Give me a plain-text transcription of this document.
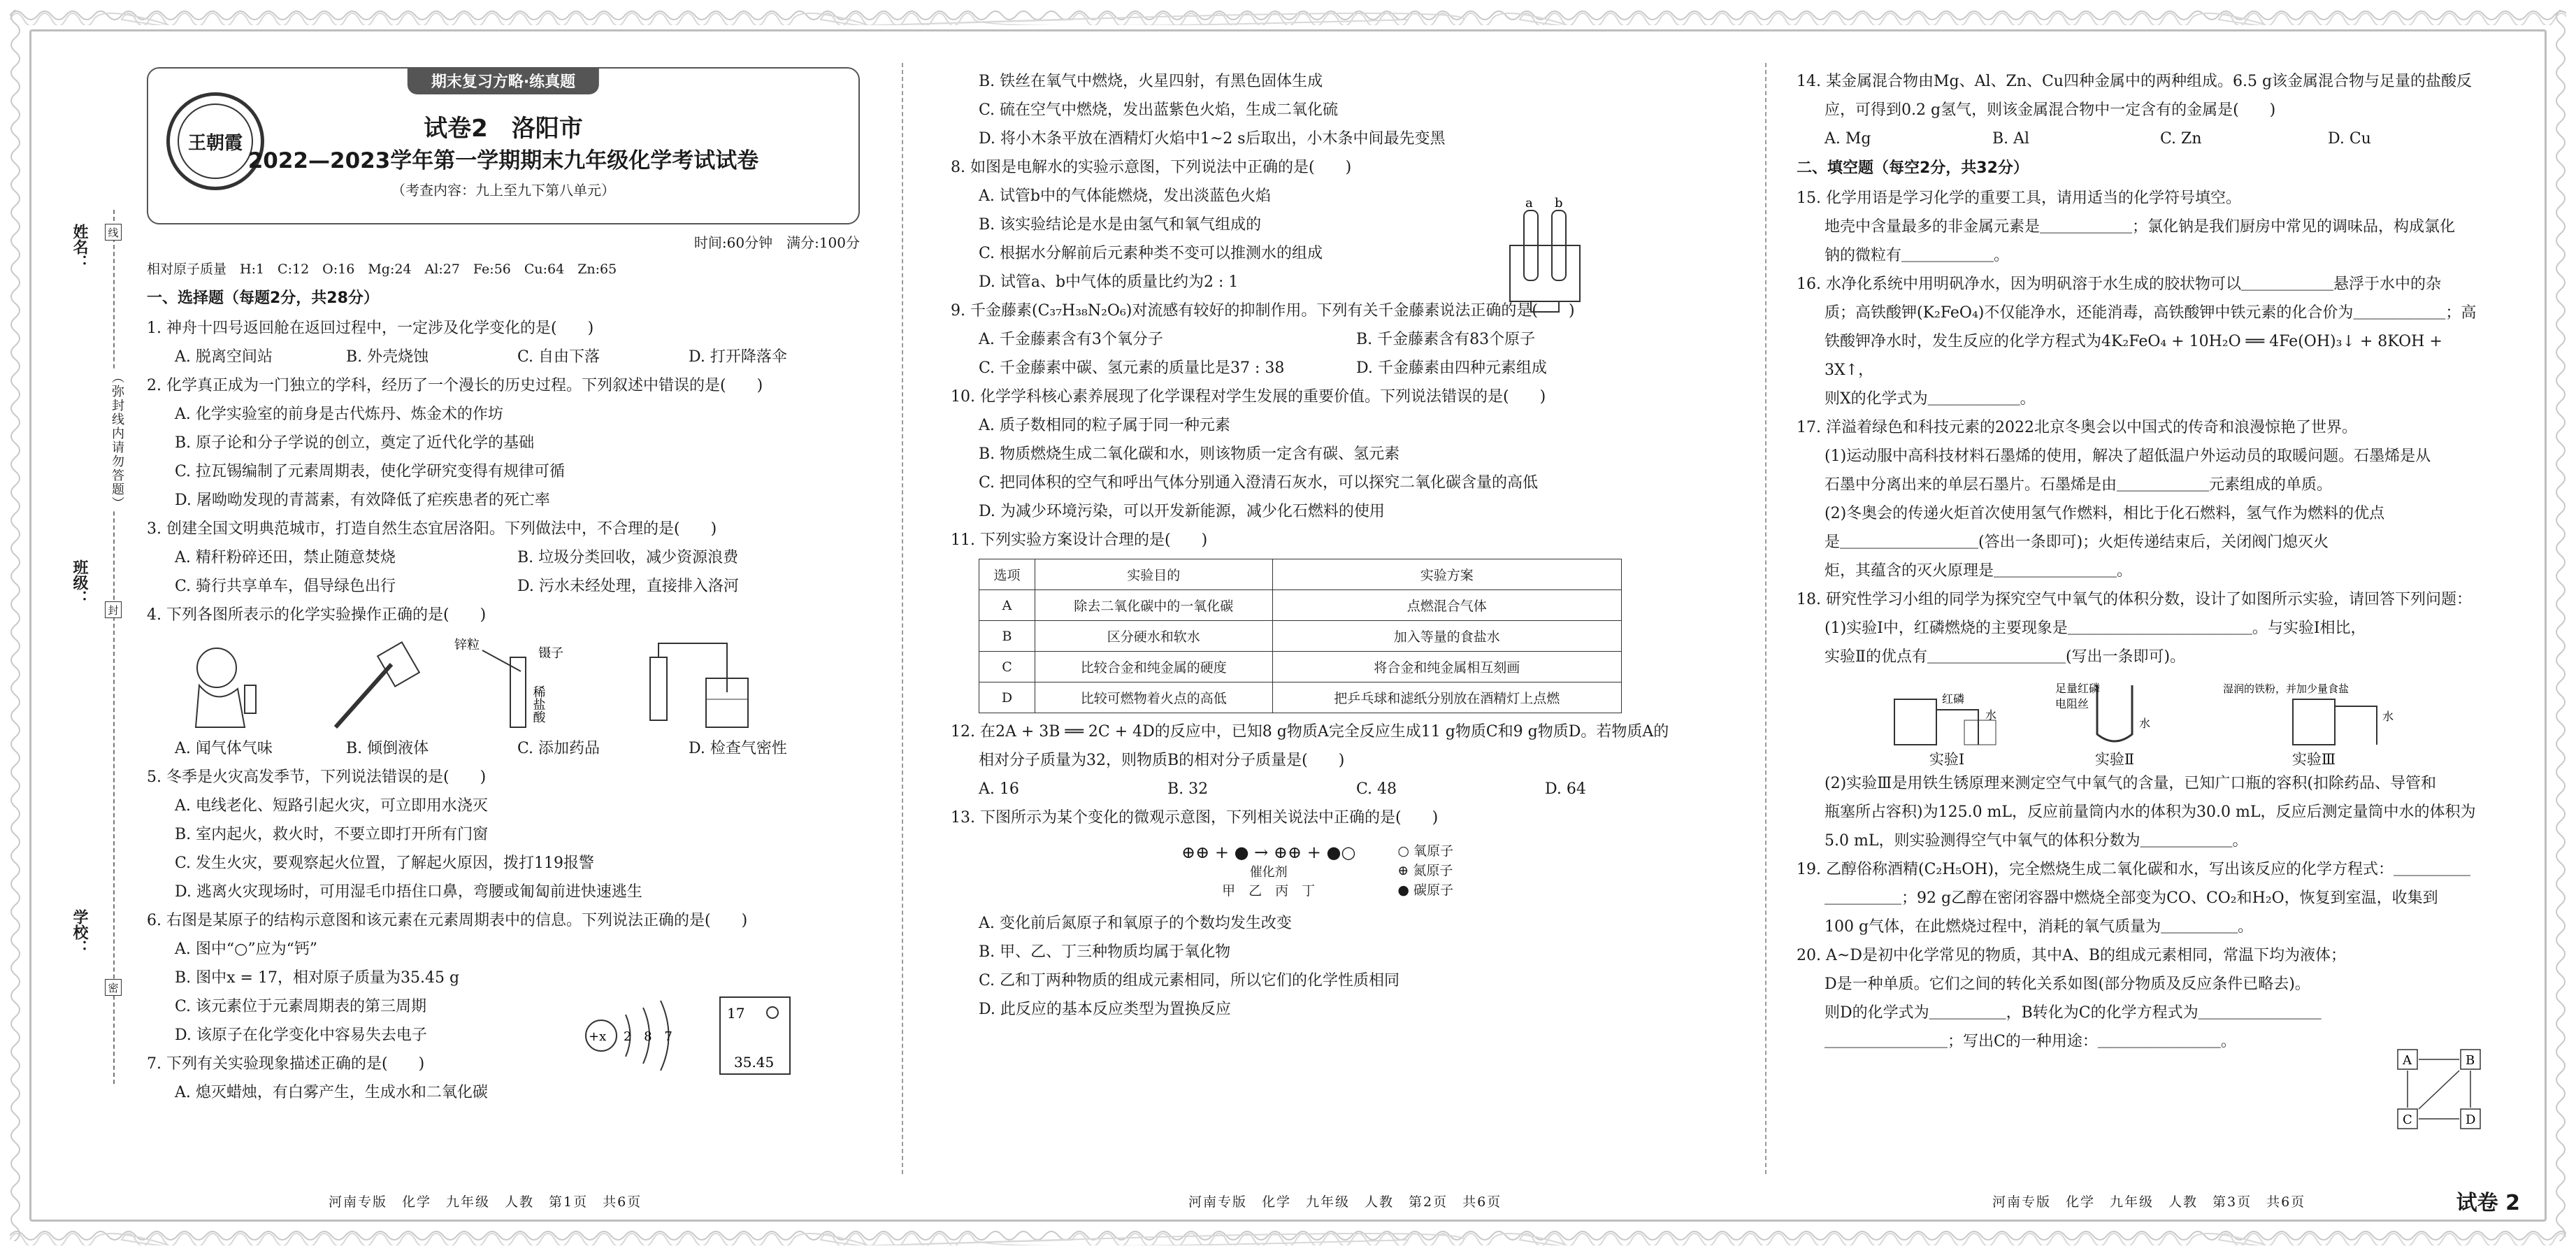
姓名：
班级：
学校：
（弥封线内请勿答题）
线
封
密
期末复习方略·练真题
王朝霞
试卷2　洛阳市
2022—2023学年第一学期期末九年级化学考试试卷
（考查内容：九上至九下第八单元）
时间:60分钟　满分:100分
相对原子质量　H:1　C:12　O:16　Mg:24　Al:27　Fe:56　Cu:64　Zn:65
一、选择题（每题2分，共28分）
1. 神舟十四号返回舱在返回过程中，一定涉及化学变化的是(　　)
A. 脱离空间站	B. 外壳烧蚀	C. 自由下落	D. 打开降落伞
2. 化学真正成为一门独立的学科，经历了一个漫长的历史过程。下列叙述中错误的是(　　)
A. 化学实验室的前身是古代炼丹、炼金术的作坊
B. 原子论和分子学说的创立，奠定了近代化学的基础
C. 拉瓦锡编制了元素周期表，使化学研究变得有规律可循
D. 屠呦呦发现的青蒿素，有效降低了疟疾患者的死亡率
3. 创建全国文明典范城市，打造自然生态宜居洛阳。下列做法中，不合理的是(　　)
A. 精秆粉碎还田，禁止随意焚烧	B. 垃圾分类回收，减少资源浪费
C. 骑行共享单车，倡导绿色出行	D. 污水未经处理，直接排入洛河
4. 下列各图所表示的化学实验操作正确的是(　　)
锌粒
镊子
稀盐酸
A. 闻气体气味	B. 倾倒液体	C. 添加药品	D. 检查气密性
5. 冬季是火灾高发季节，下列说法错误的是(　　)
A. 电线老化、短路引起火灾，可立即用水浇灭
B. 室内起火，救火时，不要立即打开所有门窗
C. 发生火灾，要观察起火位置，了解起火原因，拨打119报警
D. 逃离火灾现场时，可用湿毛巾捂住口鼻，弯腰或匍匐前进快速逃生
6. 右图是某原子的结构示意图和该元素在元素周期表中的信息。下列说法正确的是(　　)
A. 图中“○”应为“钙”
B. 图中x = 17，相对原子质量为35.45 g
C. 该元素位于元素周期表的第三周期
D. 该原子在化学变化中容易失去电子
7. 下列有关实验现象描述正确的是(　　)
A. 熄灭蜡烛，有白雾产生，生成水和二氧化碳
+x 2 8 7
17
35.45
B. 铁丝在氧气中燃烧，火星四射，有黑色固体生成
C. 硫在空气中燃烧，发出蓝紫色火焰，生成二氧化硫
D. 将小木条平放在酒精灯火焰中1~2 s后取出，小木条中间最先变黑
8. 如图是电解水的实验示意图，下列说法中正确的是(　　)
A. 试管b中的气体能燃烧，发出淡蓝色火焰
B. 该实验结论是水是由氢气和氧气组成的
C. 根据水分解前后元素种类不变可以推测水的组成
D. 试管a、b中气体的质量比约为2 : 1
9. 千金藤素(C₃₇H₃₈N₂O₆)对流感有较好的抑制作用。下列有关千金藤素说法正确的是(　　)
A. 千金藤素含有3个氧分子	B. 千金藤素含有83个原子
C. 千金藤素中碳、氢元素的质量比是37 : 38	D. 千金藤素由四种元素组成
10. 化学学科核心素养展现了化学课程对学生发展的重要价值。下列说法错误的是(　　)
A. 质子数相同的粒子属于同一种元素
B. 物质燃烧生成二氧化碳和水，则该物质一定含有碳、氢元素
C. 把同体积的空气和呼出气体分别通入澄清石灰水，可以探究二氧化碳含量的高低
D. 为减少环境污染，可以开发新能源，减少化石燃料的使用
11. 下列实验方案设计合理的是(　　)
选项	实验目的	实验方案
A	除去二氧化碳中的一氧化碳	点燃混合气体
B	区分硬水和软水	加入等量的食盐水
C	比较合金和纯金属的硬度	将合金和纯金属相互刻画
D	比较可燃物着火点的高低	把乒乓球和滤纸分别放在酒精灯上点燃
12. 在2A + 3B ══ 2C + 4D的反应中，已知8 g物质A完全反应生成11 g物质C和9 g物质D。若物质A的
相对分子质量为32，则物质B的相对分子质量是(　　)
A. 16	B. 32	C. 48	D. 64
13. 下图所示为某个变化的微观示意图，下列相关说法中正确的是(　　)
⊕⊕ + ● → ⊕⊕ + ●○
催化剂
甲　乙　丙　丁
○ 氧原子
⊕ 氮原子
● 碳原子
A. 变化前后氮原子和氧原子的个数均发生改变
B. 甲、乙、丁三种物质均属于氧化物
C. 乙和丁两种物质的组成元素相同，所以它们的化学性质相同
D. 此反应的基本反应类型为置换反应
a b
14. 某金属混合物由Mg、Al、Zn、Cu四种金属中的两种组成。6.5 g该金属混合物与足量的盐酸反
应，可得到0.2 g氢气，则该金属混合物中一定含有的金属是(　　)
A. Mg	B. Al	C. Zn	D. Cu
二、填空题（每空2分，共32分）
15. 化学用语是学习化学的重要工具，请用适当的化学符号填空。
地壳中含量最多的非金属元素是＿＿＿＿＿＿；氯化钠是我们厨房中常见的调味品，构成氯化
钠的微粒有＿＿＿＿＿＿。
16. 水净化系统中用明矾净水，因为明矾溶于水生成的胶状物可以＿＿＿＿＿＿悬浮于水中的杂
质；高铁酸钾(K₂FeO₄)不仅能净水，还能消毒，高铁酸钾中铁元素的化合价为＿＿＿＿＿＿；高
铁酸钾净水时，发生反应的化学方程式为4K₂FeO₄ + 10H₂O ══ 4Fe(OH)₃↓ + 8KOH + 3X↑，
则X的化学式为＿＿＿＿＿＿。
17. 洋溢着绿色和科技元素的2022北京冬奥会以中国式的传奇和浪漫惊艳了世界。
(1)运动服中高科技材料石墨烯的使用，解决了超低温户外运动员的取暖问题。石墨烯是从
石墨中分离出来的单层石墨片。石墨烯是由＿＿＿＿＿＿元素组成的单质。
(2)冬奥会的传递火炬首次使用氢气作燃料，相比于化石燃料，氢气作为燃料的优点
是＿＿＿＿＿＿＿＿＿(答出一条即可)；火炬传递结束后，关闭阀门熄灭火
炬，其蕴含的灭火原理是＿＿＿＿＿＿＿＿。
18. 研究性学习小组的同学为探究空气中氧气的体积分数，设计了如图所示实验，请回答下列问题：
(1)实验Ⅰ中，红磷燃烧的主要现象是＿＿＿＿＿＿＿＿＿＿＿＿。与实验Ⅰ相比，
实验Ⅱ的优点有＿＿＿＿＿＿＿＿＿(写出一条即可)。
红磷
水
实验Ⅰ
足量红磷
电阻丝
水
实验Ⅱ
湿润的铁粉，并加少量食盐
水
实验Ⅲ
(2)实验Ⅲ是用铁生锈原理来测定空气中氧气的含量，已知广口瓶的容积(扣除药品、导管和
瓶塞所占容积)为125.0 mL，反应前量筒内水的体积为30.0 mL，反应后测定量筒中水的体积为
5.0 mL，则实验测得空气中氧气的体积分数为＿＿＿＿＿＿。
19. 乙醇俗称酒精(C₂H₅OH)，完全燃烧生成二氧化碳和水，写出该反应的化学方程式：＿＿＿＿＿
＿＿＿＿＿；92 g乙醇在密闭容器中燃烧全部变为CO、CO₂和H₂O，恢复到室温，收集到
100 g气体，在此燃烧过程中，消耗的氧气质量为＿＿＿＿＿。
20. A~D是初中化学常见的物质，其中A、B的组成元素相同，常温下均为液体；
D是一种单质。它们之间的转化关系如图(部分物质及反应条件已略去)。
则D的化学式为＿＿＿＿＿，B转化为C的化学方程式为＿＿＿＿＿＿＿＿
＿＿＿＿＿＿＿＿；写出C的一种用途：＿＿＿＿＿＿＿＿。
A	B
C	D
河南专版　化学　九年级　人教　第1页　共6页	河南专版　化学　九年级　人教　第2页　共6页	河南专版　化学　九年级　人教　第3页　共6页	试卷 2
